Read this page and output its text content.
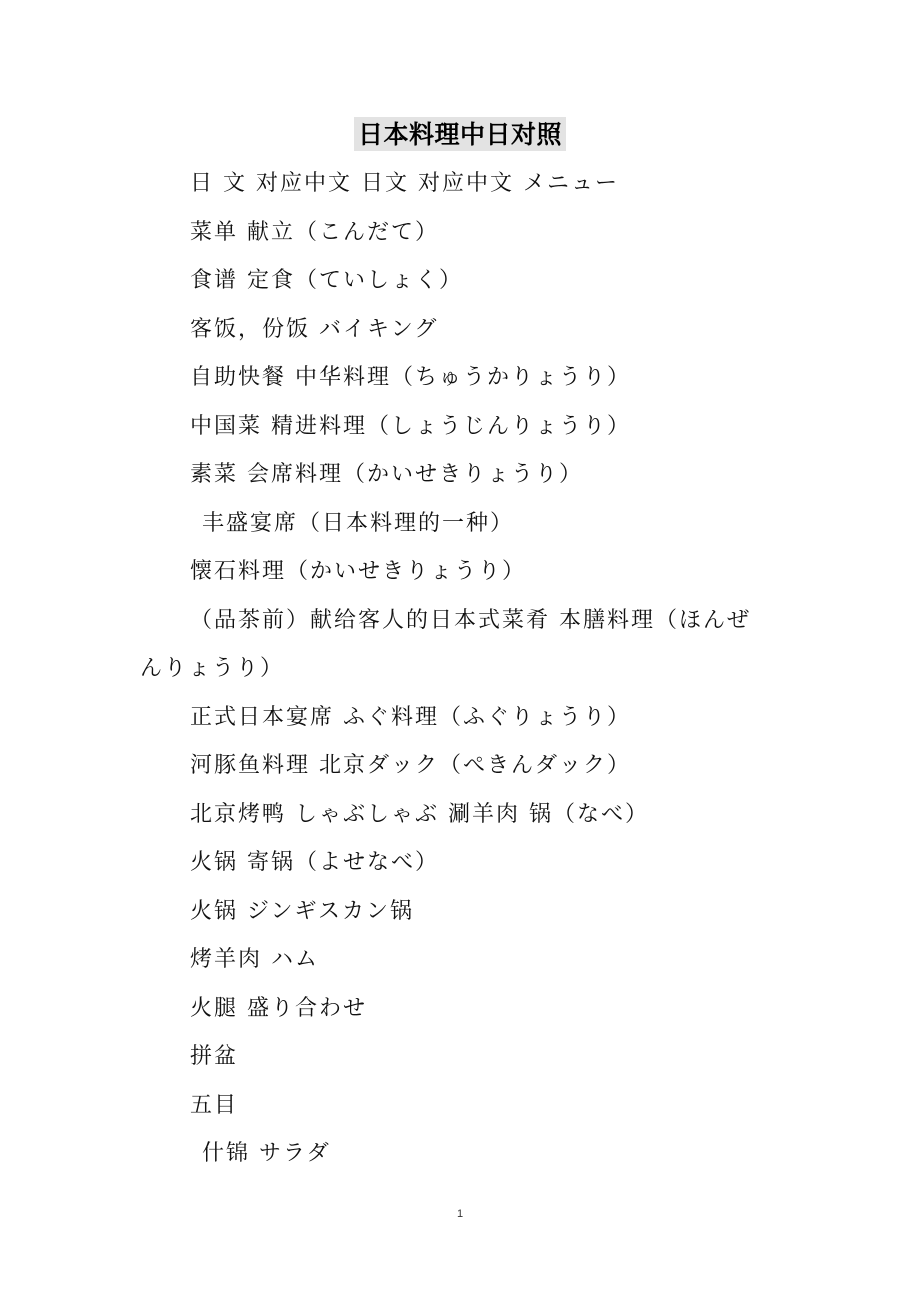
日本料理中日对照
日 文 对应中文 日文 对应中文 メニュー
菜单 献立（こんだて）
食谱 定食（ていしょく）
客饭，份饭 バイキング
自助快餐 中华料理（ちゅうかりょうり）
中国菜 精进料理（しょうじんりょうり）
素菜 会席料理（かいせきりょうり）
丰盛宴席（日本料理的一种）
懐石料理（かいせきりょうり）
（品茶前）献给客人的日本式菜肴 本膳料理（ほんぜ
んりょうり）
正式日本宴席 ふぐ料理（ふぐりょうり）
河豚鱼料理 北京ダック（ぺきんダック）
北京烤鸭 しゃぶしゃぶ 涮羊肉 锅（なべ）
火锅 寄锅（よせなべ）
火锅 ジンギスカン锅
烤羊肉 ハム
火腿 盛り合わせ
拼盆
五目
什锦 サラダ
1
